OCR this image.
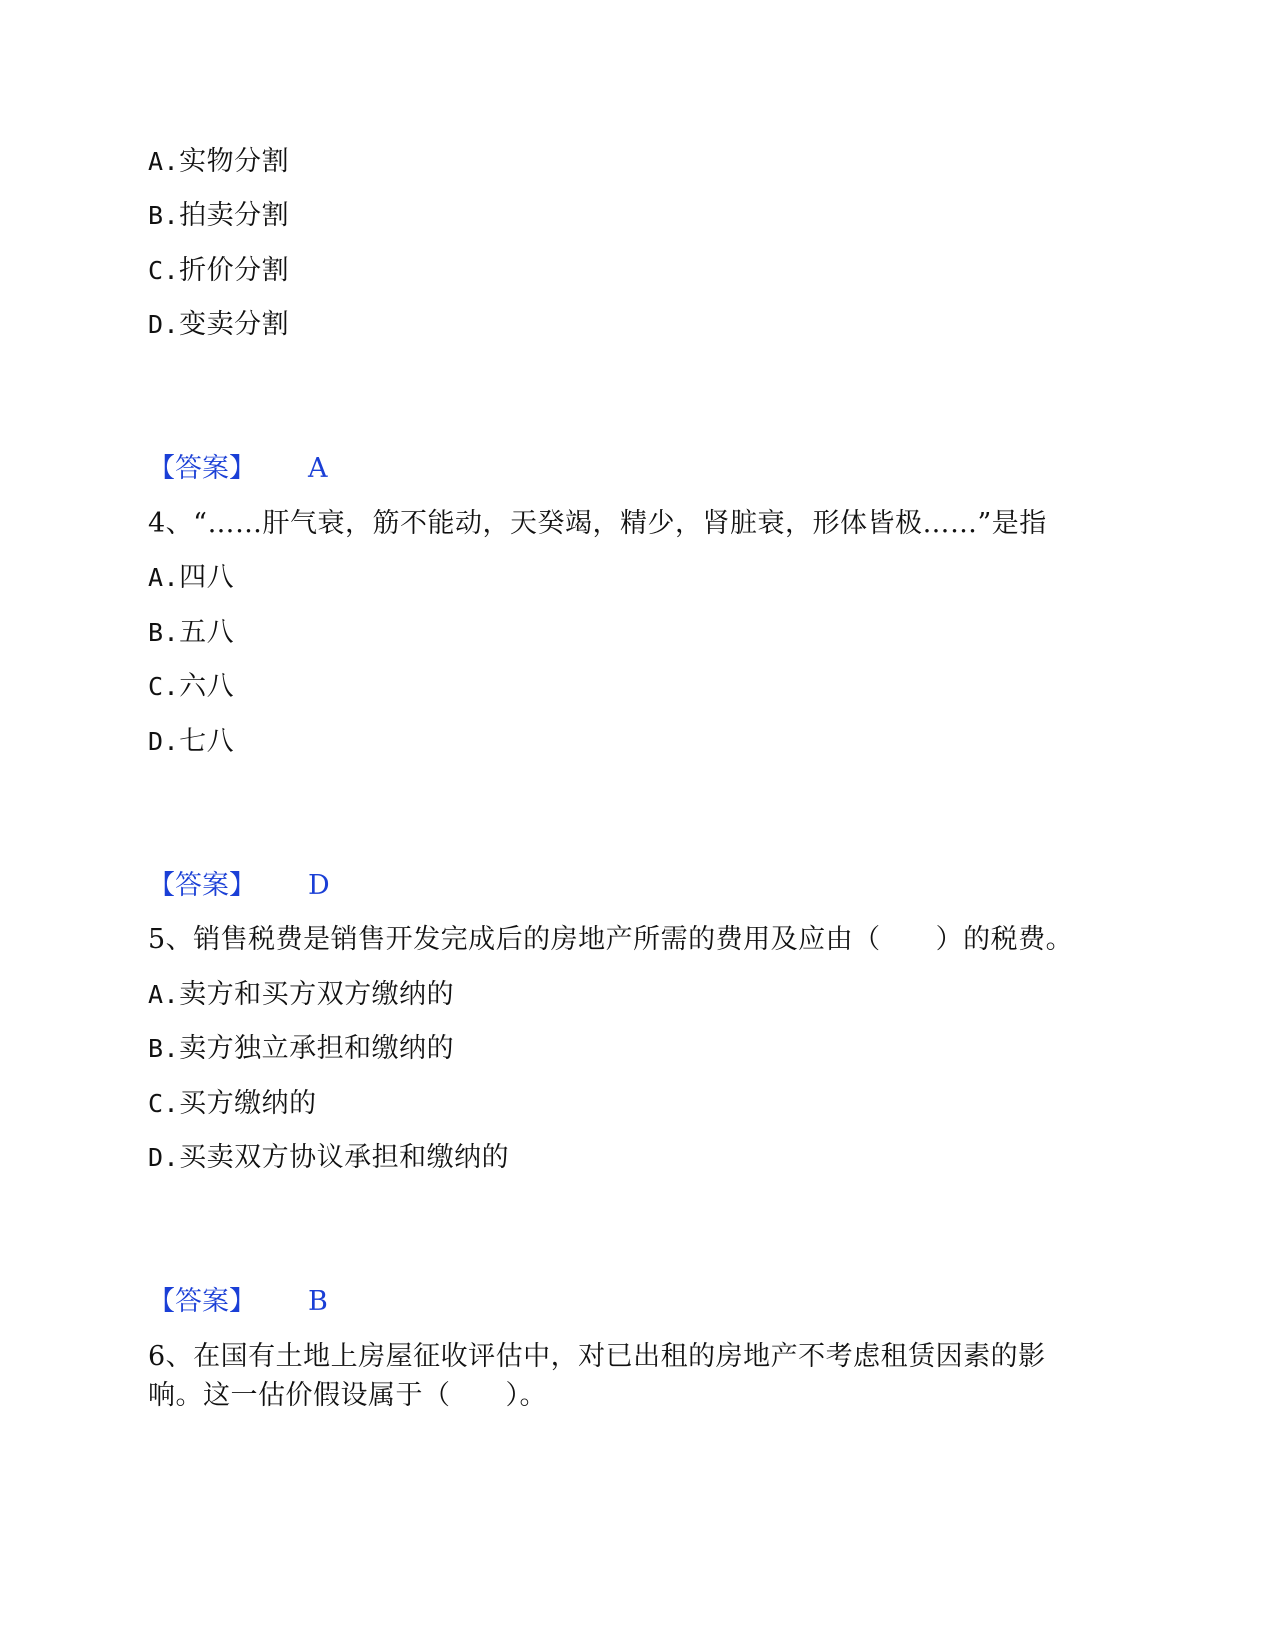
A.实物分割
B.拍卖分割
C.折价分割
D.变卖分割
【答案】 A
4、“……肝气衰，筋不能动，天癸竭，精少，肾脏衰，形体皆极……”是指
A.四八
B.五八
C.六八
D.七八
【答案】 D
5、销售税费是销售开发完成后的房地产所需的费用及应由（　　）的税费。
A.卖方和买方双方缴纳的
B.卖方独立承担和缴纳的
C.买方缴纳的
D.买卖双方协议承担和缴纳的
【答案】 B
6、在国有土地上房屋征收评估中，对已出租的房地产不考虑租赁因素的影
响。这一估价假设属于（　　）。
